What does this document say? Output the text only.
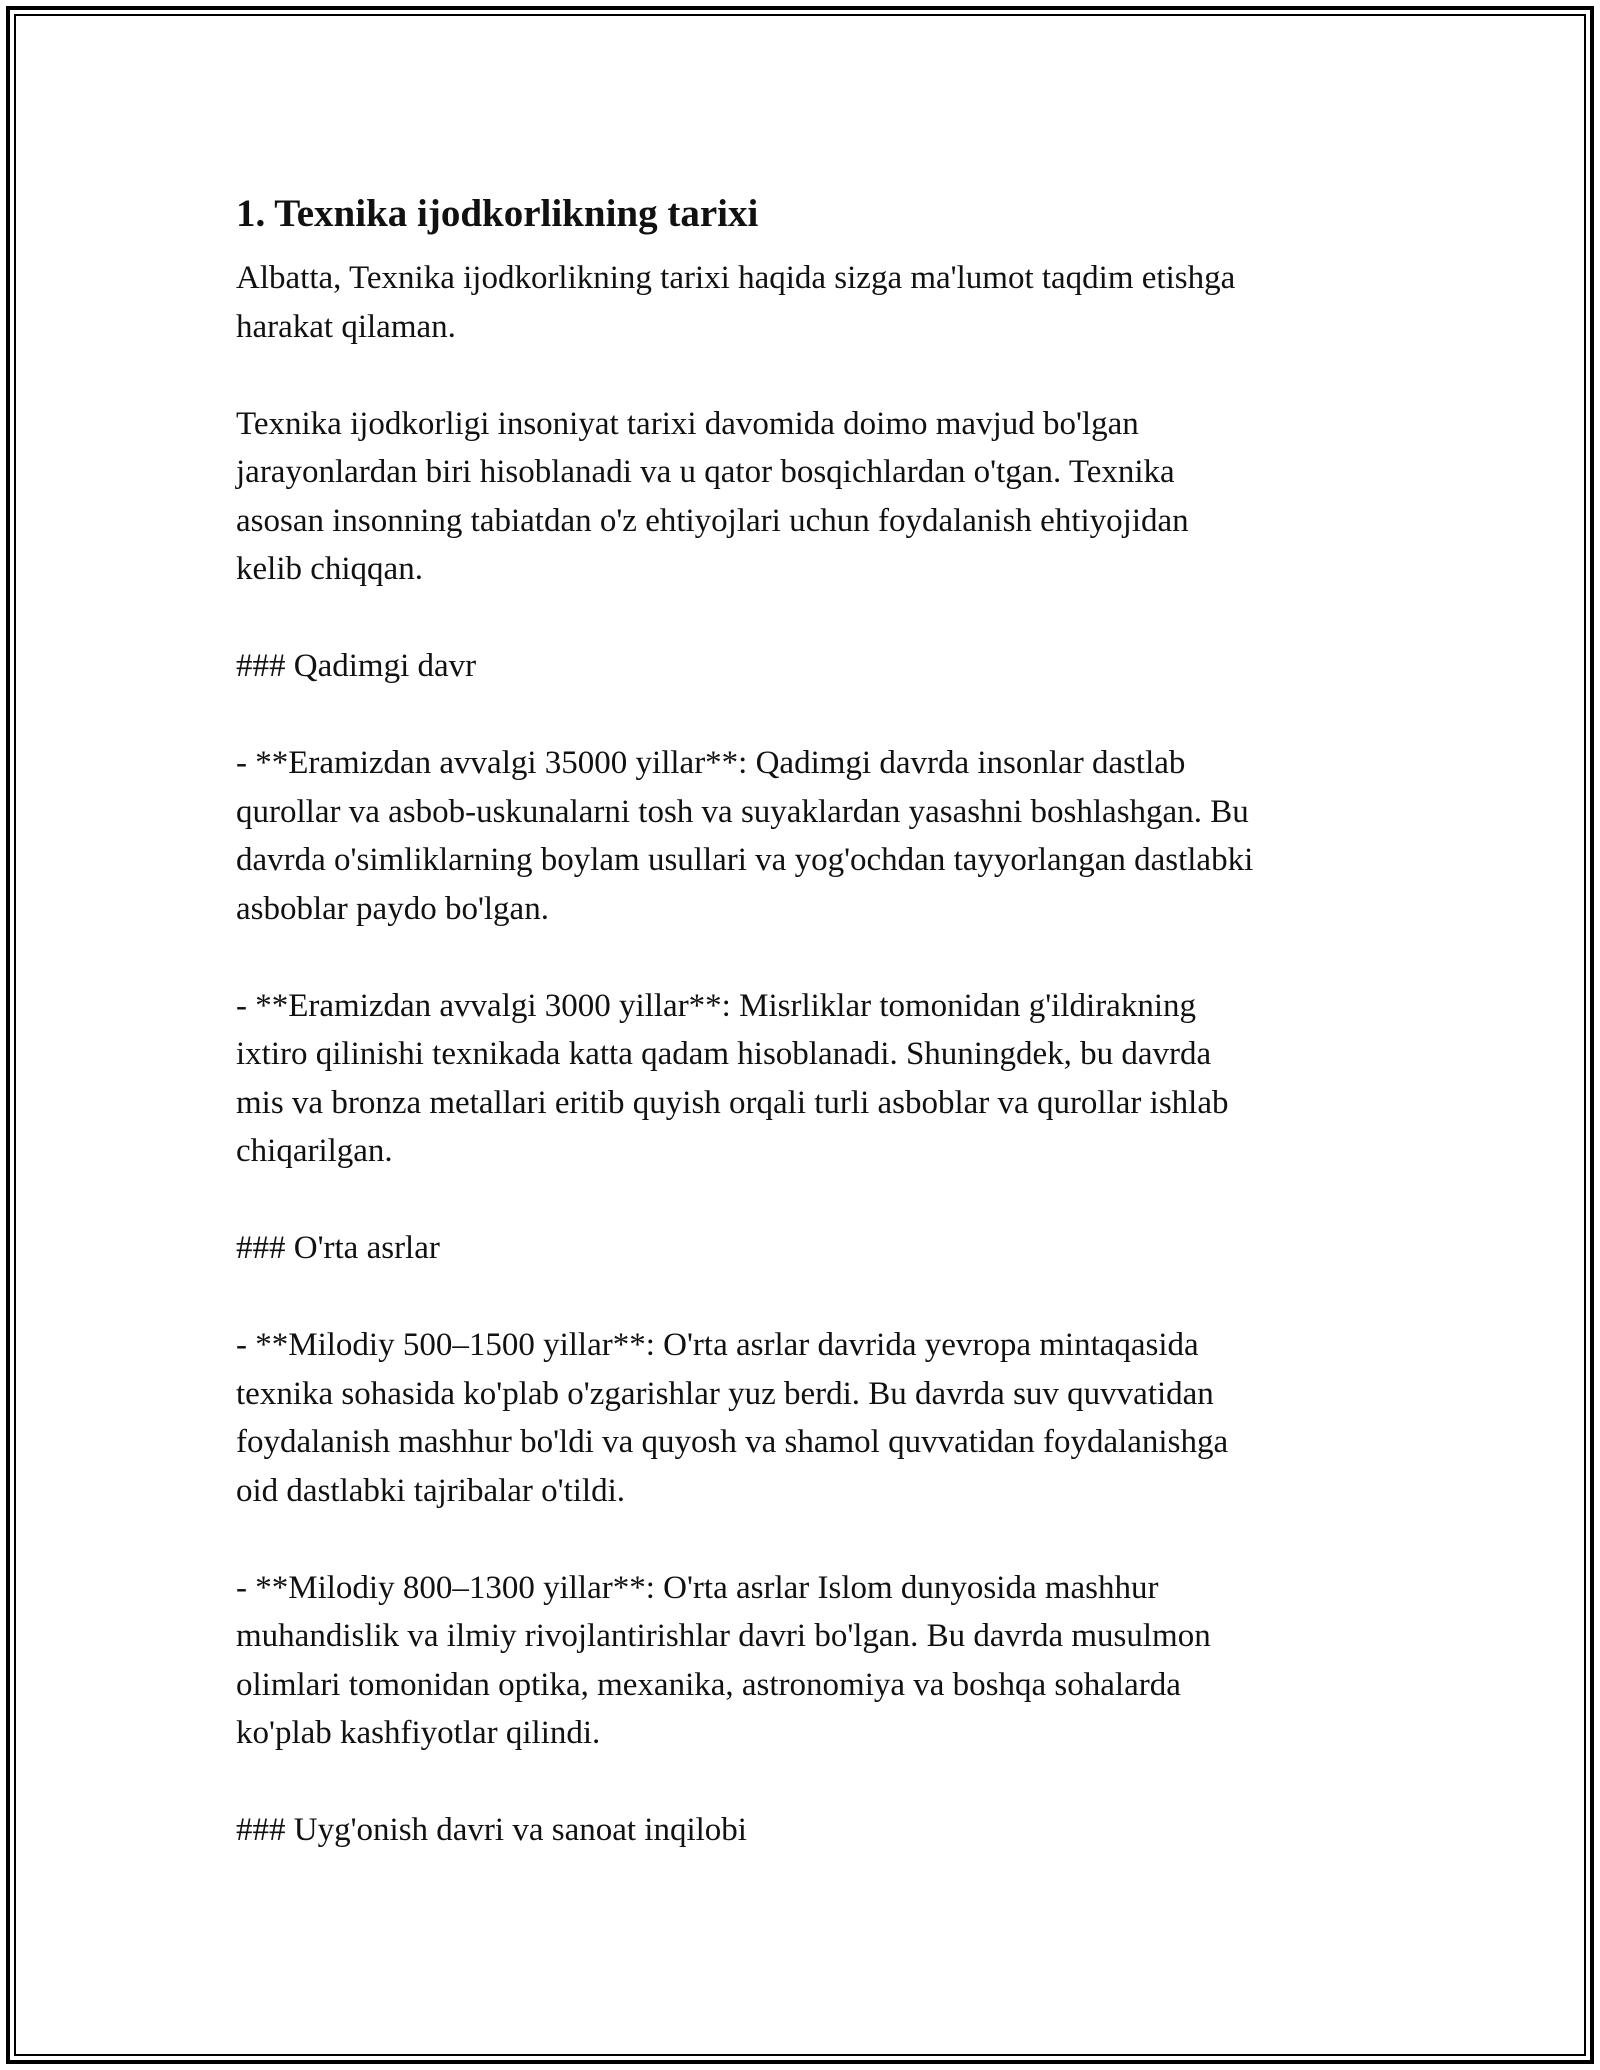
1. Texnika ijodkorlikning tarixi
Albatta, Texnika ijodkorlikning tarixi haqida sizga ma'lumot taqdim etishga
harakat qilaman.
Texnika ijodkorligi insoniyat tarixi davomida doimo mavjud bo'lgan
jarayonlardan biri hisoblanadi va u qator bosqichlardan o'tgan. Texnika
asosan insonning tabiatdan o'z ehtiyojlari uchun foydalanish ehtiyojidan
kelib chiqqan.
### Qadimgi davr
- **Eramizdan avvalgi 35000 yillar**: Qadimgi davrda insonlar dastlab
qurollar va asbob-uskunalarni tosh va suyaklardan yasashni boshlashgan. Bu
davrda o'simliklarning boylam usullari va yog'ochdan tayyorlangan dastlabki
asboblar paydo bo'lgan.
- **Eramizdan avvalgi 3000 yillar**: Misrliklar tomonidan g'ildirakning
ixtiro qilinishi texnikada katta qadam hisoblanadi. Shuningdek, bu davrda
mis va bronza metallari eritib quyish orqali turli asboblar va qurollar ishlab
chiqarilgan.
### O'rta asrlar
- **Milodiy 500–1500 yillar**: O'rta asrlar davrida yevropa mintaqasida
texnika sohasida ko'plab o'zgarishlar yuz berdi. Bu davrda suv quvvatidan
foydalanish mashhur bo'ldi va quyosh va shamol quvvatidan foydalanishga
oid dastlabki tajribalar o'tildi.
- **Milodiy 800–1300 yillar**: O'rta asrlar Islom dunyosida mashhur
muhandislik va ilmiy rivojlantirishlar davri bo'lgan. Bu davrda musulmon
olimlari tomonidan optika, mexanika, astronomiya va boshqa sohalarda
ko'plab kashfiyotlar qilindi.
### Uyg'onish davri va sanoat inqilobi
